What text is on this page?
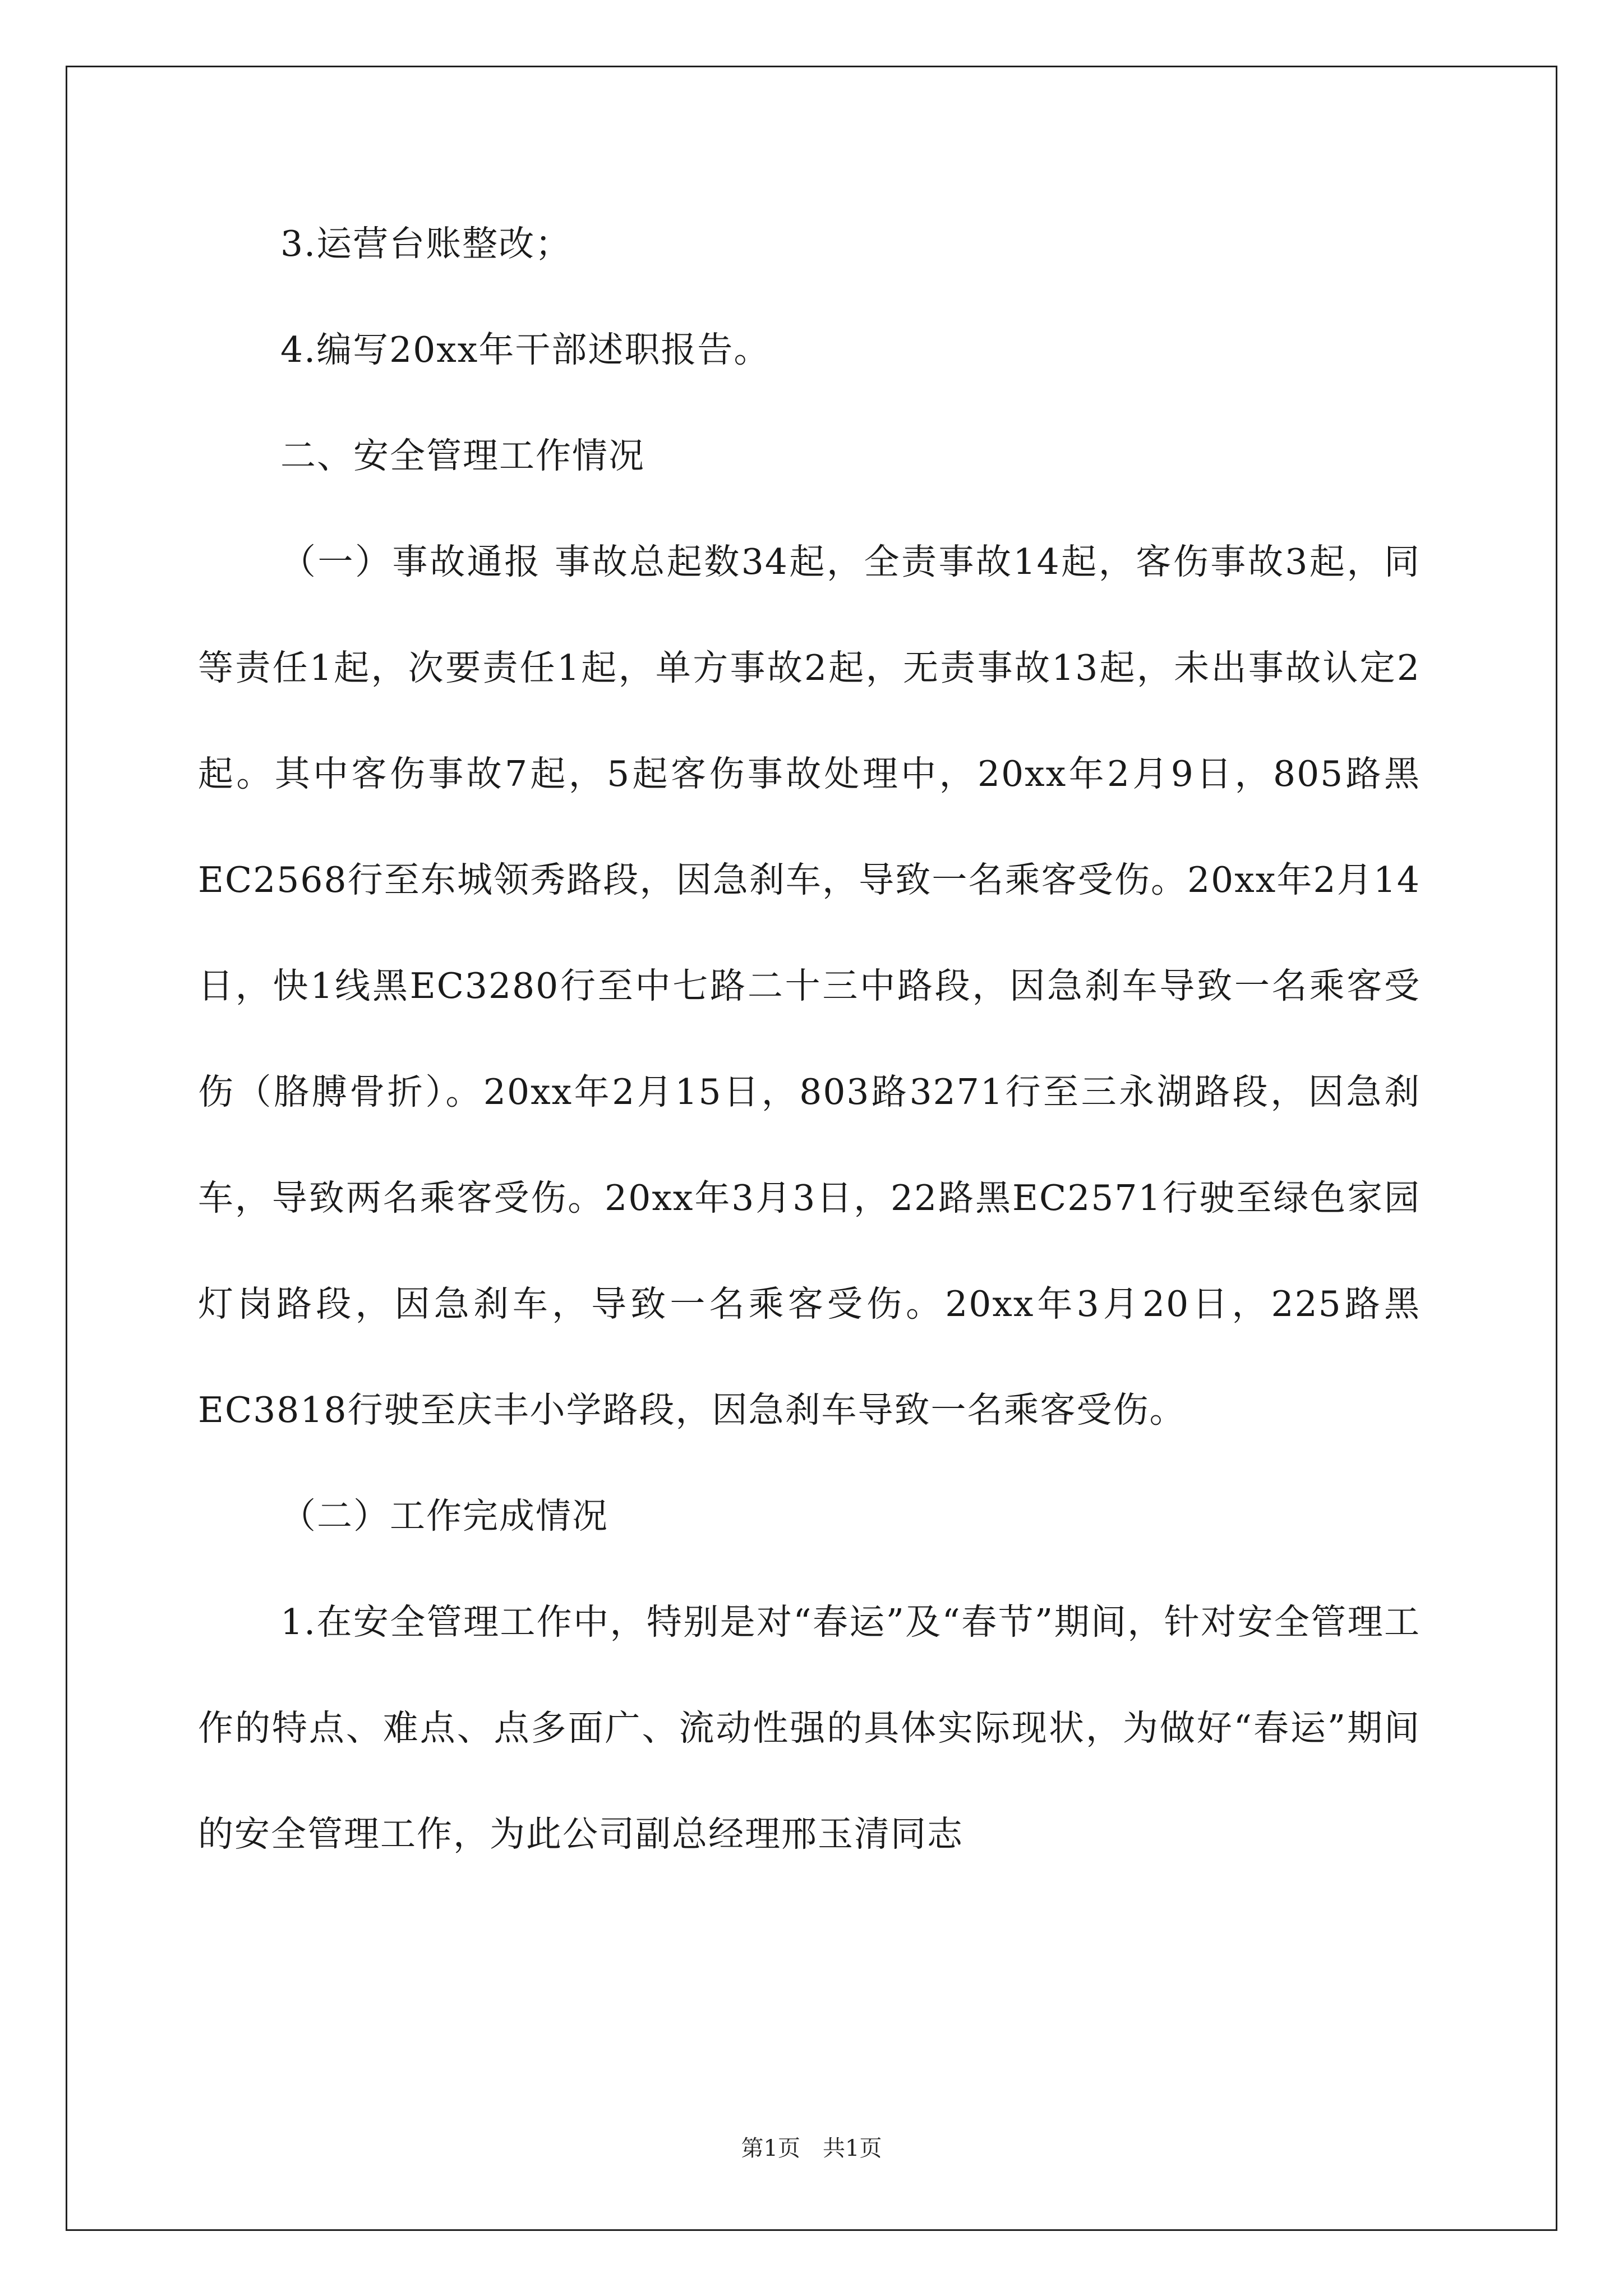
3.运营台账整改；

4.编写20xx年干部述职报告。

二、安全管理工作情况

（一）事故通报 事故总起数34起，全责事故14起，客伤事故3起，同等责任1起，次要责任1起，单方事故2起，无责事故13起，未出事故认定2起。其中客伤事故7起，5起客伤事故处理中，20xx年2月9日，805路黑EC2568行至东城领秀路段，因急刹车，导致一名乘客受伤。20xx年2月14日，快1线黑EC3280行至中七路二十三中路段，因急刹车导致一名乘客受伤（胳膊骨折）。20xx年2月15日，803路3271行至三永湖路段，因急刹车，导致两名乘客受伤。20xx年3月3日，22路黑EC2571行驶至绿色家园灯岗路段，因急刹车，导致一名乘客受伤。20xx年3月20日，225路黑EC3818行驶至庆丰小学路段，因急刹车导致一名乘客受伤。

（二）工作完成情况

1.在安全管理工作中，特别是对“春运”及“春节”期间，针对安全管理工作的特点、难点、点多面广、流动性强的具体实际现状，为做好“春运”期间的安全管理工作，为此公司副总经理邢玉清同志

第1页 共1页
